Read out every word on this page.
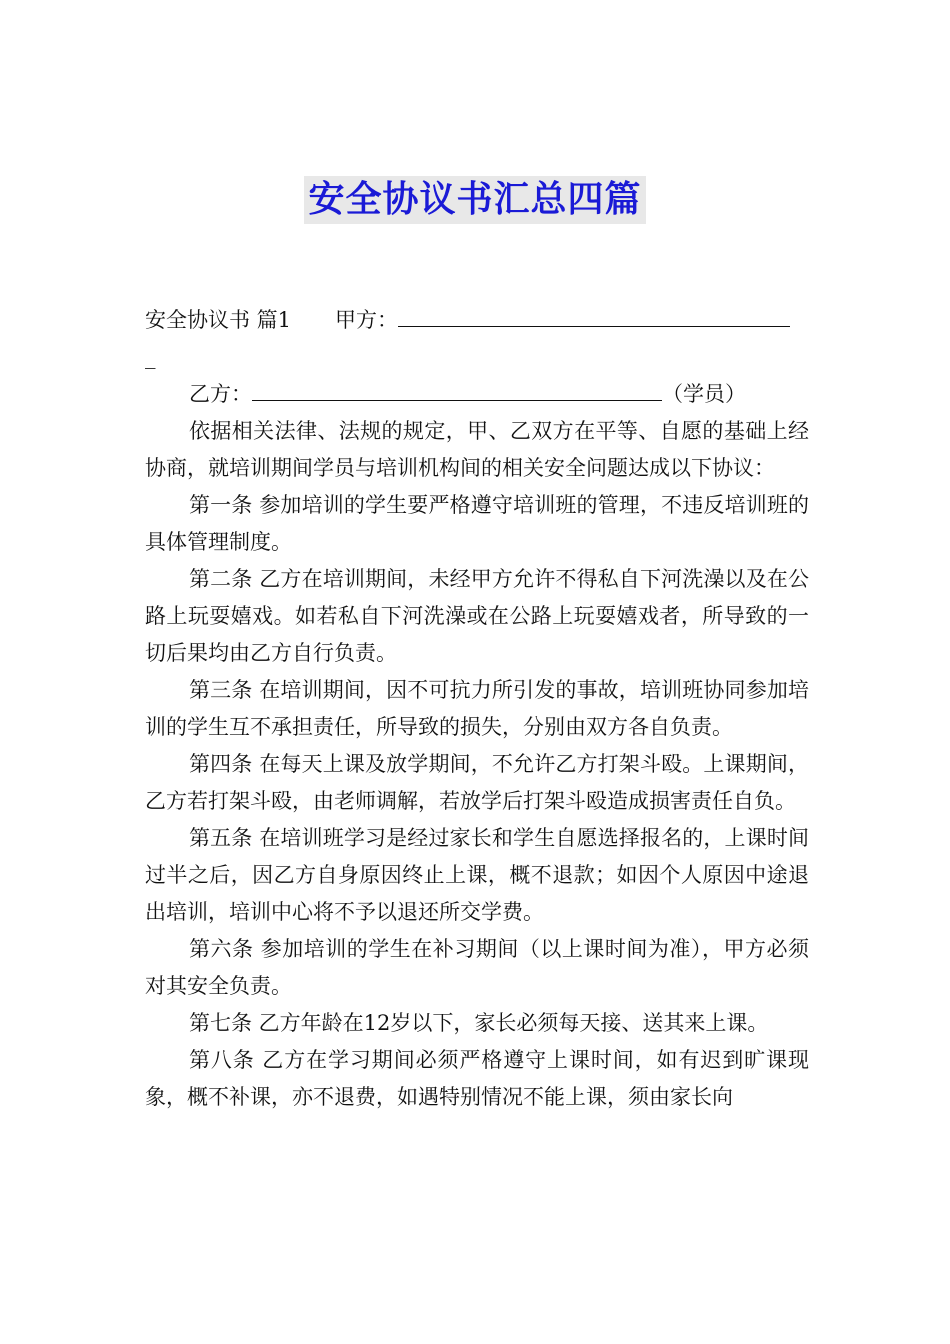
安全协议书汇总四篇
安全协议书 篇1 甲方：
_
乙方：	（学员）

依据相关法律、法规的规定，甲、乙双方在平等、自愿的基础上经协商，就培训期间学员与培训机构间的相关安全问题达成以下协议：

第一条 参加培训的学生要严格遵守培训班的管理，不违反培训班的具体管理制度。

第二条 乙方在培训期间，未经甲方允许不得私自下河洗澡以及在公路上玩耍嬉戏。如若私自下河洗澡或在公路上玩耍嬉戏者，所导致的一切后果均由乙方自行负责。

第三条 在培训期间，因不可抗力所引发的事故，培训班协同参加培训的学生互不承担责任，所导致的损失，分别由双方各自负责。

第四条 在每天上课及放学期间，不允许乙方打架斗殴。上课期间，乙方若打架斗殴，由老师调解，若放学后打架斗殴造成损害责任自负。

第五条 在培训班学习是经过家长和学生自愿选择报名的，上课时间过半之后，因乙方自身原因终止上课，概不退款；如因个人原因中途退出培训，培训中心将不予以退还所交学费。

第六条 参加培训的学生在补习期间（以上课时间为准），甲方必须对其安全负责。

第七条 乙方年龄在12岁以下，家长必须每天接、送其来上课。

第八条 乙方在学习期间必须严格遵守上课时间，如有迟到旷课现象，概不补课，亦不退费，如遇特别情况不能上课，须由家长向
